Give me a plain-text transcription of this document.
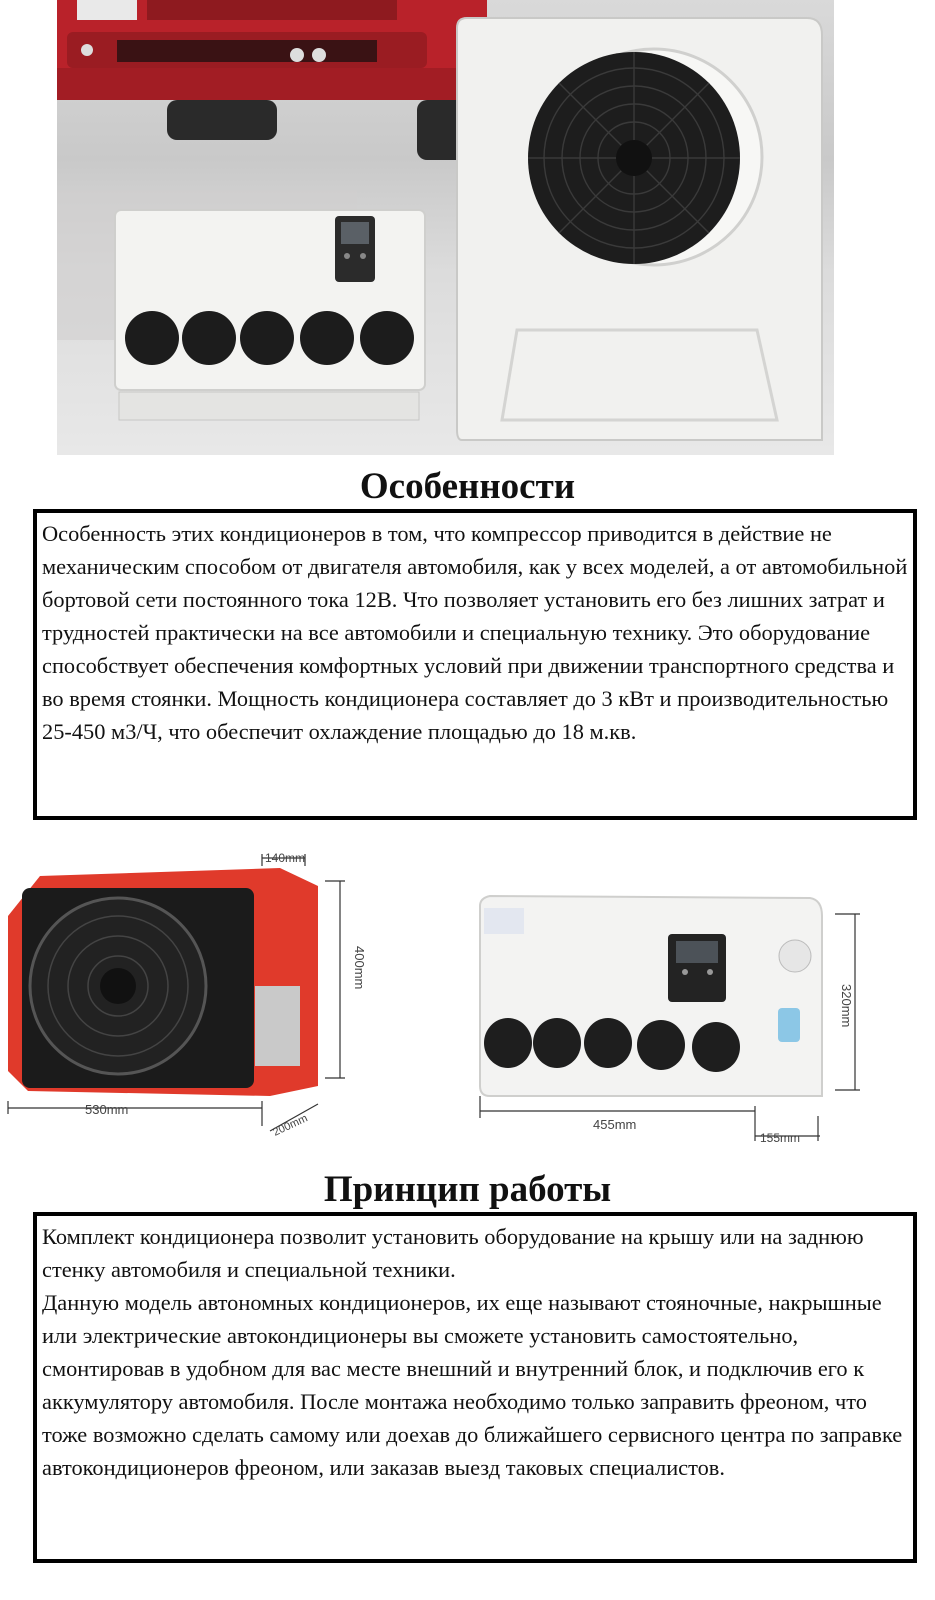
Особенности

Особенность этих кондиционеров в том, что компрессор приводится в действие не механическим способом от двигателя автомобиля, как у всех моделей, а от автомобильной бортовой сети постоянного тока 12В. Что позволяет установить его без лишних затрат и трудностей практически на все автомобили и специальную технику. Это оборудование способствует обеспечения комфортных условий при движении транспортного средства и во время стоянки. Мощность кондиционера составляет до 3 кВт и производительностью 25-450 м3/Ч, что обеспечит охлаждение площадью до 18 м.кв.

140mm
400mm
530mm
200mm	455mm
320mm
155mm
Принцип работы

Комплект кондиционера позволит установить оборудование на крышу или на заднюю стенку автомобиля и специальной техники.

Данную модель автономных кондиционеров, их еще называют стояночные, накрышные или электрические автокондиционеры вы сможете установить самостоятельно, смонтировав в удобном для вас месте внешний и внутренний блок, и подключив его к аккумулятору автомобиля. После монтажа необходимо только заправить фреоном, что тоже возможно сделать самому или доехав до ближайшего сервисного центра по заправке автокондиционеров фреоном, или заказав выезд таковых специалистов.
